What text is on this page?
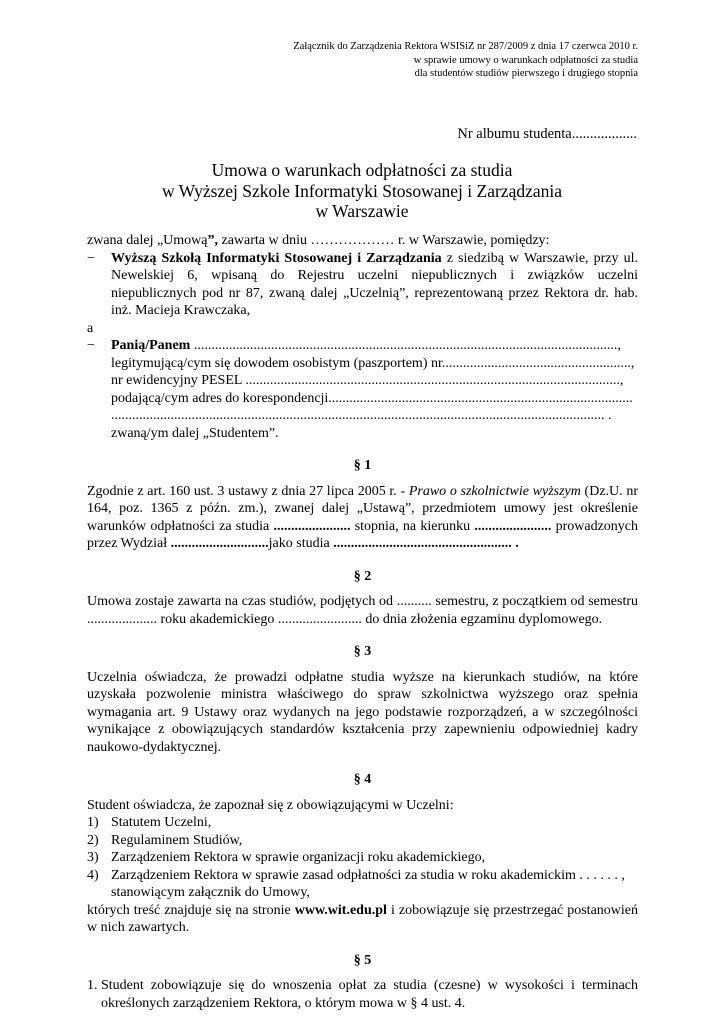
Załącznik do Zarządzenia Rektora WSISiZ nr 287/2009 z dnia 17 czerwca 2010 r.
w sprawie umowy o warunkach odpłatności za studia
dla studentów studiów pierwszego i drugiego stopnia
Nr albumu studenta..................
Umowa o warunkach odpłatności za studia
w Wyższej Szkole Informatyki Stosowanej i Zarządzania
w Warszawie
zwana dalej „Umową”, zawarta w dniu ……………… r. w Warszawie, pomiędzy:
−	Wyższą Szkołą Informatyki Stosowanej i Zarządzania z siedzibą w Warszawie, przy ul. Newelskiej 6, wpisaną do Rejestru uczelni niepublicznych i związków uczelni niepublicznych pod nr 87, zwaną dalej „Uczelnią”, reprezentowaną przez Rektora dr. hab. inż. Macieja Krawczaka,
a
−	Panią/Panem .........................................................................................................................,
legitymującą/cym się dowodem osobistym (paszportem) nr......................................................,
nr ewidencyjny PESEL ...........................................................................................................,
podającą/cym adres do korespondencji.......................................................................................
............................................................................................................................................. .
zwaną/ym dalej „Studentem”.
§ 1
Zgodnie z art. 160 ust. 3 ustawy z dnia 27 lipca 2005 r. - Prawo o szkolnictwie wyższym (Dz.U. nr 164, poz. 1365 z późn. zm.), zwanej dalej „Ustawą”, przedmiotem umowy jest określenie warunków odpłatności za studia ...................... stopnia, na kierunku ...................... prowadzonych przez Wydział ............................jako studia ................................................... .
§ 2
Umowa zostaje zawarta na czas studiów, podjętych od .......... semestru, z początkiem od semestru .................... roku akademickiego ........................ do dnia złożenia egzaminu dyplomowego.
§ 3
Uczelnia oświadcza, że prowadzi odpłatne studia wyższe na kierunkach studiów, na które uzyskała pozwolenie ministra właściwego do spraw szkolnictwa wyższego oraz spełnia wymagania art. 9 Ustawy oraz wydanych na jego podstawie rozporządzeń, a w szczególności wynikające z obowiązujących standardów kształcenia przy zapewnieniu odpowiedniej kadry naukowo-dydaktycznej.
§ 4
Student oświadcza, że zapoznał się z obowiązującymi w Uczelni:
1) Statutem Uczelni,
2) Regulaminem Studiów,
3) Zarządzeniem Rektora w sprawie organizacji roku akademickiego,
4) Zarządzeniem Rektora w sprawie zasad odpłatności za studia w roku akademickim . . . . . . ,
stanowiącym załącznik do Umowy,
których treść znajduje się na stronie www.wit.edu.pl i zobowiązuje się przestrzegać postanowień w nich zawartych.
§ 5
1. Student zobowiązuje się do wnoszenia opłat za studia (czesne) w wysokości i terminach
określonych zarządzeniem Rektora, o którym mowa w § 4 ust. 4.
